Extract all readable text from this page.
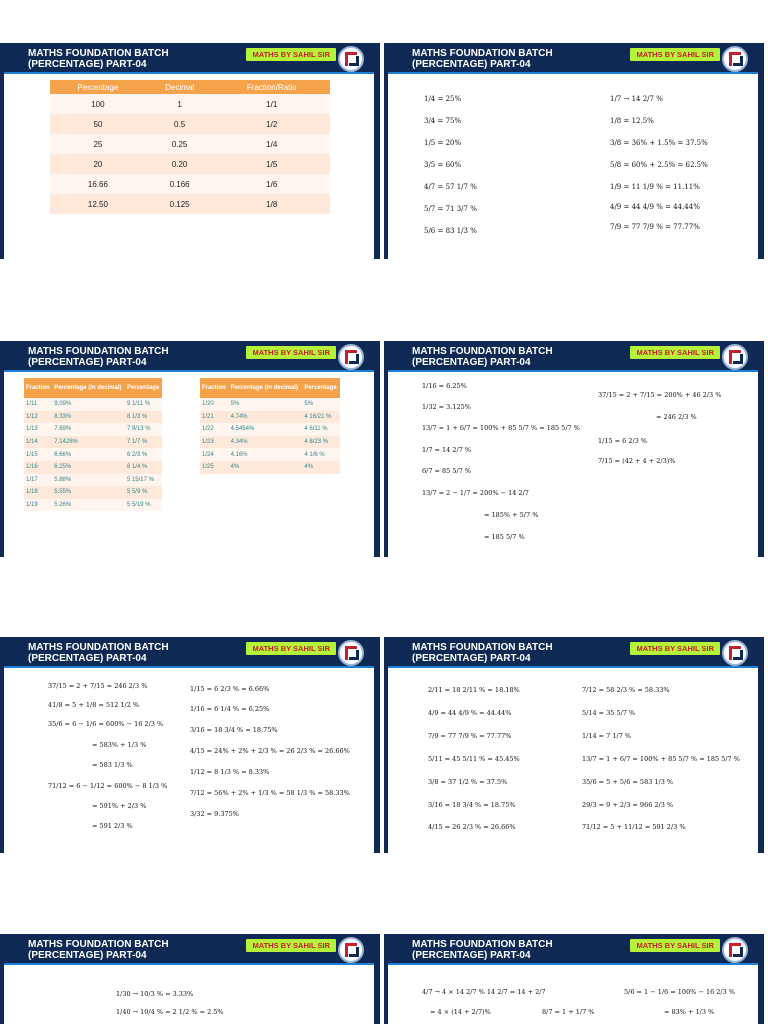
MATHS FOUNDATION BATCH
(PERCENTAGE) PART-04
MATHS BY SAHIL SIR
Percentage	Decimal	Fraction/Ratio
100	1	1/1
50	0.5	1/2
25	0.25	1/4
20	0.20	1/5
16.66	0.166	1/6
12.50	0.125	1/8
MATHS FOUNDATION BATCH
(PERCENTAGE) PART-04
MATHS BY SAHIL SIR
1/4 = 25%
3/4 = 75%
1/5 = 20%
3/5 = 60%
4/7 = 57 1/7 %
5/7 = 71 3/7 %
5/6 = 83 1/3 %
1/7 → 14 2/7 %
1/8 = 12.5%
3/8 = 36% + 1.5% = 37.5%
5/8 = 60% + 2.5% = 62.5%
1/9 = 11 1/9 % = 11.11%
4/9 = 44 4/9 % = 44.44%
7/9 = 77 7/9 % = 77.77%
MATHS FOUNDATION BATCH
(PERCENTAGE) PART-04
MATHS BY SAHIL SIR
Fraction	Percentage (in decimal)	Percentage
1/11	9.09%	9 1/11 %
1/12	8.33%	8 1/3 %
1/13	7.69%	7 9/13 %
1/14	7.1428%	7 1/7 %
1/15	6.66%	6 2/3 %
1/16	6.25%	6 1/4 %
1/17	5.88%	5 15/17 %
1/18	5.55%	5 5/9 %
1/19	5.26%	5 5/19 %
Fraction	Percentage (in decimal)	Percentage
1/20	5%	5%
1/21	4.74%	4 16/21 %
1/22	4.5454%	4 6/11 %
1/23	4.34%	4 8/23 %
1/24	4.16%	4 1/6 %
1/25	4%	4%
MATHS FOUNDATION BATCH
(PERCENTAGE) PART-04
MATHS BY SAHIL SIR
1/16 = 6.25%
1/32 = 3.125%
13/7 = 1 + 6/7 = 100% + 85 5/7 % = 185 5/7 %
1/7 = 14 2/7 %
6/7 = 85 5/7 %
13/7 = 2 − 1/7 = 200% − 14 2/7
= 185% + 5/7 %
= 185 5/7 %
37/15 = 2 + 7/15 = 200% + 46 2/3 %
= 246 2/3 %
1/15 = 6 2/3 %
7/15 = (42 + 4 + 2/3)%
MATHS FOUNDATION BATCH
(PERCENTAGE) PART-04
MATHS BY SAHIL SIR
37/15 = 2 + 7/15 = 246 2/3 %
41/8 = 5 + 1/8 = 512 1/2 %
35/6 = 6 − 1/6 = 600% − 16 2/3 %
= 583% + 1/3 %
= 583 1/3 %
71/12 = 6 − 1/12 = 600% − 8 1/3 %
= 591% + 2/3 %
= 591 2/3 %
1/15 = 6 2/3 % = 6.66%
1/16 = 6 1/4 % = 6.25%
3/16 = 18 3/4 % = 18.75%
4/15 = 24% + 2% + 2/3 % = 26 2/3 % = 26.66%
1/12 = 8 1/3 % = 8.33%
7/12 = 56% + 2% + 1/3 % = 58 1/3 % = 58.33%
3/32 = 9.375%
MATHS FOUNDATION BATCH
(PERCENTAGE) PART-04
MATHS BY SAHIL SIR
2/11 = 18 2/11 % = 18.18%
4/9 = 44 4/9 % = 44.44%
7/9 = 77 7/9 % = 77.77%
5/11 = 45 5/11 % = 45.45%
3/8 = 37 1/2 % = 37.5%
3/16 = 18 3/4 % = 18.75%
4/15 = 26 2/3 % = 26.66%
7/12 = 58 2/3 % = 58.33%
5/14 = 35 5/7 %
1/14 = 7 1/7 %
13/7 = 1 + 6/7 = 100% + 85 5/7 % = 185 5/7 %
35/6 = 5 + 5/6 = 583 1/3 %
29/3 = 9 + 2/3 = 966 2/3 %
71/12 = 5 + 11/12 = 591 2/3 %
MATHS FOUNDATION BATCH
(PERCENTAGE) PART-04
MATHS BY SAHIL SIR
1/30 → 10/3 % = 3.33%
1/40 → 10/4 % = 2 1/2 % = 2.5%
MATHS FOUNDATION BATCH
(PERCENTAGE) PART-04
MATHS BY SAHIL SIR
4/7 → 4 × 14 2/7 % 14 2/7 = 14 + 2/7
= 4 × (14 + 2/7)%	8/7 = 1 + 1/7 %
5/6 = 1 − 1/6 = 100% − 16 2/3 %
= 83% + 1/3 %
